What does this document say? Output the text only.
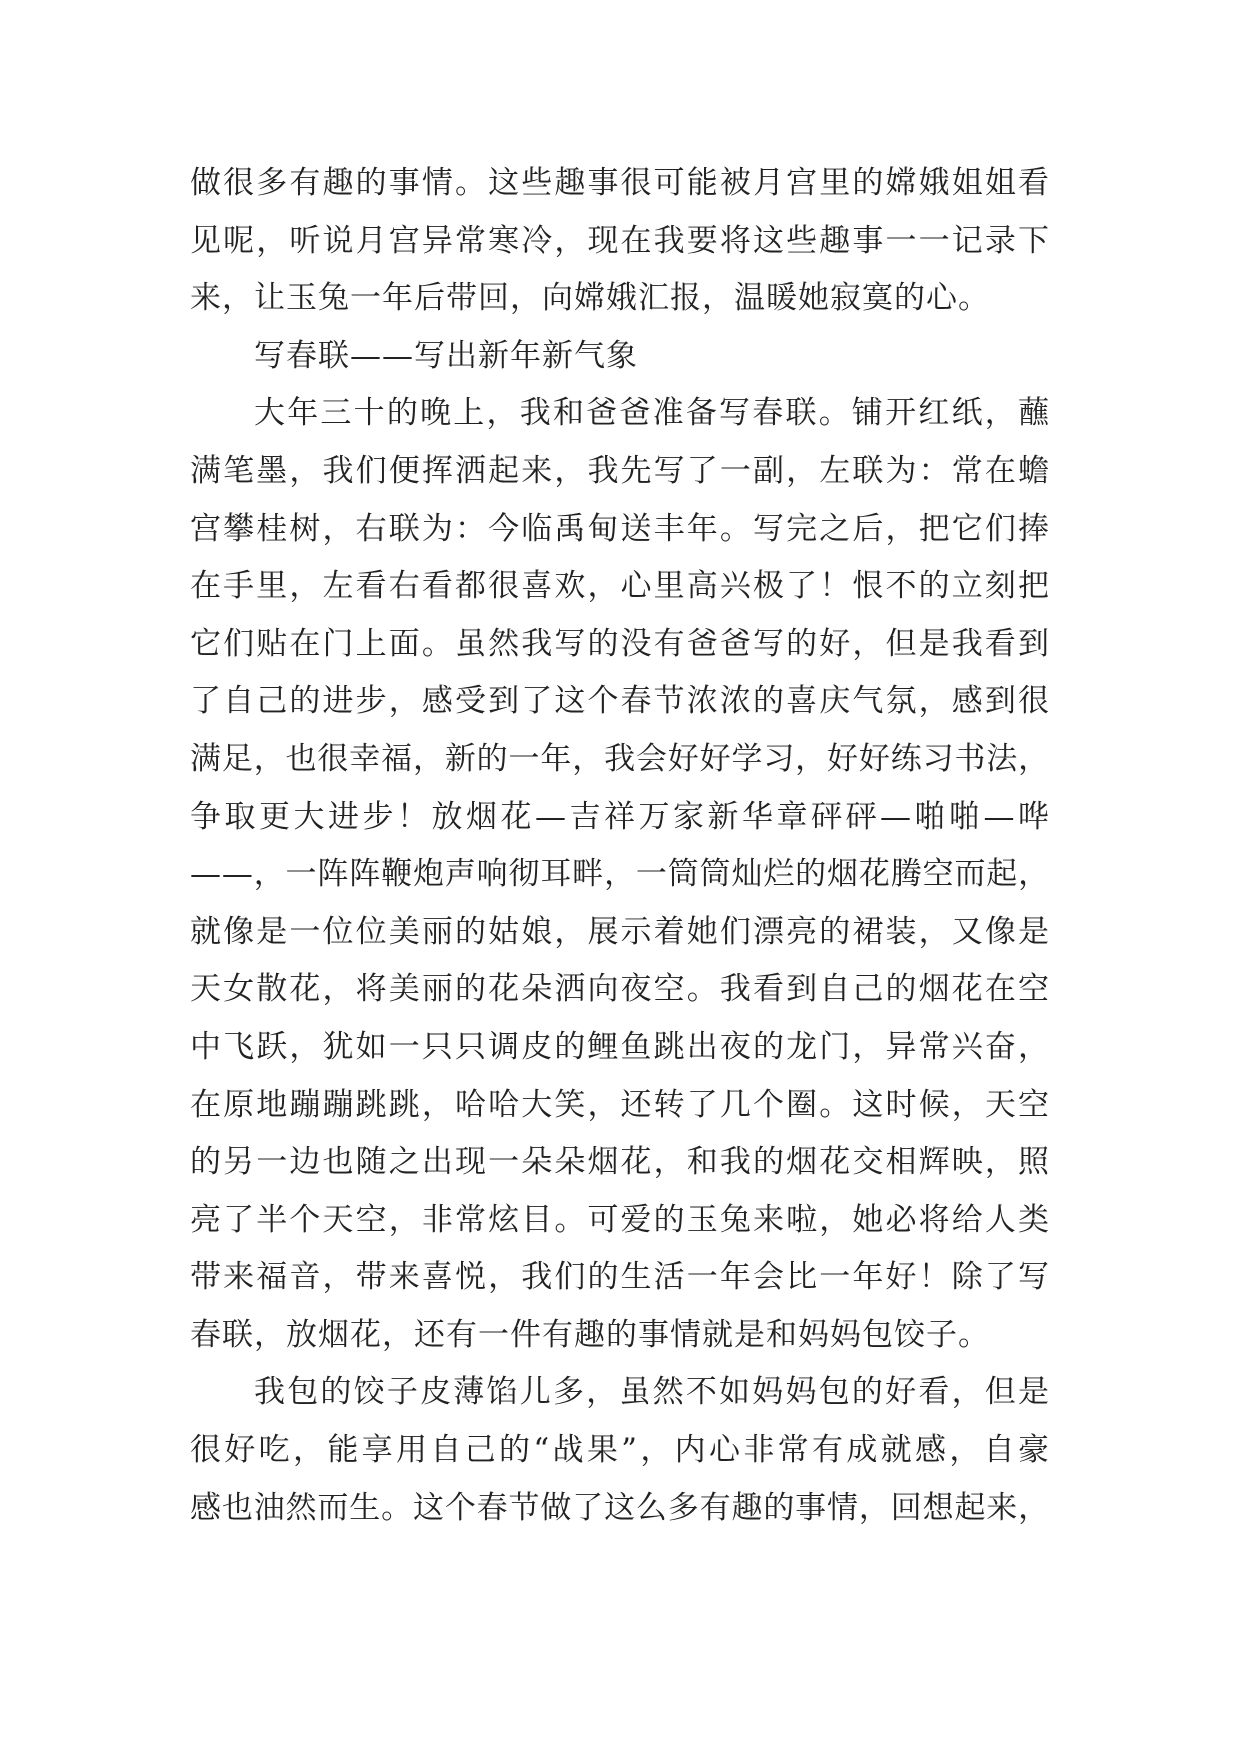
做很多有趣的事情。这些趣事很可能被月宫里的嫦娥姐姐看
见呢，听说月宫异常寒冷，现在我要将这些趣事一一记录下
来，让玉兔一年后带回，向嫦娥汇报，温暖她寂寞的心。
写春联——写出新年新气象
大年三十的晚上，我和爸爸准备写春联。铺开红纸，蘸
满笔墨，我们便挥洒起来，我先写了一副，左联为：常在蟾
宫攀桂树，右联为：今临禹甸送丰年。写完之后，把它们捧
在手里，左看右看都很喜欢，心里高兴极了！恨不的立刻把
它们贴在门上面。虽然我写的没有爸爸写的好，但是我看到
了自己的进步，感受到了这个春节浓浓的喜庆气氛，感到很
满足，也很幸福，新的一年，我会好好学习，好好练习书法，
争取更大进步！放烟花—吉祥万家新华章砰砰—啪啪—哗
——，一阵阵鞭炮声响彻耳畔，一筒筒灿烂的烟花腾空而起，
就像是一位位美丽的姑娘，展示着她们漂亮的裙装，又像是
天女散花，将美丽的花朵洒向夜空。我看到自己的烟花在空
中飞跃，犹如一只只调皮的鲤鱼跳出夜的龙门，异常兴奋，
在原地蹦蹦跳跳，哈哈大笑，还转了几个圈。这时候，天空
的另一边也随之出现一朵朵烟花，和我的烟花交相辉映，照
亮了半个天空，非常炫目。可爱的玉兔来啦，她必将给人类
带来福音，带来喜悦，我们的生活一年会比一年好！除了写
春联，放烟花，还有一件有趣的事情就是和妈妈包饺子。
我包的饺子皮薄馅儿多，虽然不如妈妈包的好看，但是
很好吃，能享用自己的“战果”，内心非常有成就感，自豪
感也油然而生。这个春节做了这么多有趣的事情，回想起来，
